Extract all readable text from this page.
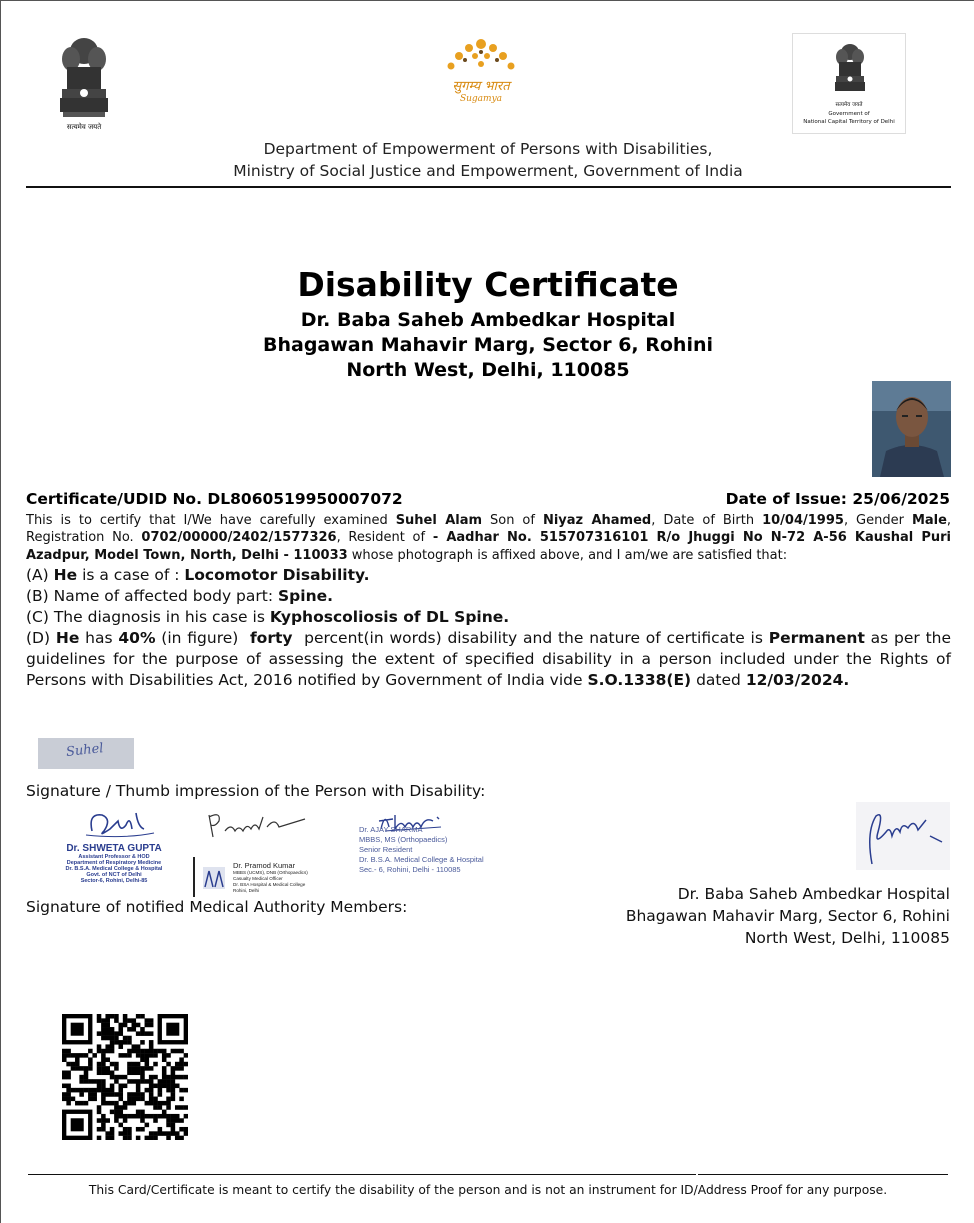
सत्यमेव जयते
सुगम्य भारत
Sugamya
सत्यमेव जयते
Government of
National Capital Territory of Delhi
Department of Empowerment of Persons with Disabilities,
Ministry of Social Justice and Empowerment, Government of India
Disability Certificate
Dr. Baba Saheb Ambedkar Hospital
Bhagawan Mahavir Marg, Sector 6, Rohini
North West, Delhi, 110085
Certificate/UDID No. DL8060519950007072	Date of Issue: 25/06/2025
This is to certify that I/We have carefully examined Suhel Alam Son of Niyaz Ahamed, Date of Birth 10/04/1995, Gender Male, Registration No. 0702/00000/2402/1577326, Resident of - Aadhar No. 515707316101 R/o Jhuggi No N-72 A-56 Kaushal Puri Azadpur, Model Town, North, Delhi - 110033 whose photograph is affixed above, and I am/we are satisfied that:
(A) He is a case of : Locomotor Disability.
(B) Name of affected body part: Spine.
(C) The diagnosis in his case is Kyphoscoliosis of DL Spine.
(D) He has 40% (in figure) forty percent(in words) disability and the nature of certificate is Permanent as per the guidelines for the purpose of assessing the extent of specified disability in a person included under the Rights of Persons with Disabilities Act, 2016 notified by Government of India vide S.O.1338(E) dated 12/03/2024.
Suhel
Signature / Thumb impression of the Person with Disability:
Dr. SHWETA GUPTA
Assistant Professor & HOD
Department of Respiratory Medicine
Dr. B.S.A. Medical College & Hospital
Govt. of NCT of Delhi
Sector-6, Rohini, Delhi-85
Dr. Pramod Kumar
MBBS (UCMS), DNB (Orthopaedics)
Casualty Medical Officer
Dr. BSA Hospital & Medical College
Rohini, Delhi
Dr. AJAY SHARMA
MBBS, MS (Orthopaedics)
Senior Resident
Dr. B.S.A. Medical College & Hospital
Sec.- 6, Rohini, Delhi - 110085
Signature of notified Medical Authority Members:
Dr. Baba Saheb Ambedkar Hospital
Bhagawan Mahavir Marg, Sector 6, Rohini
North West, Delhi, 110085
This Card/Certificate is meant to certify the disability of the person and is not an instrument for ID/Address Proof for any purpose.
